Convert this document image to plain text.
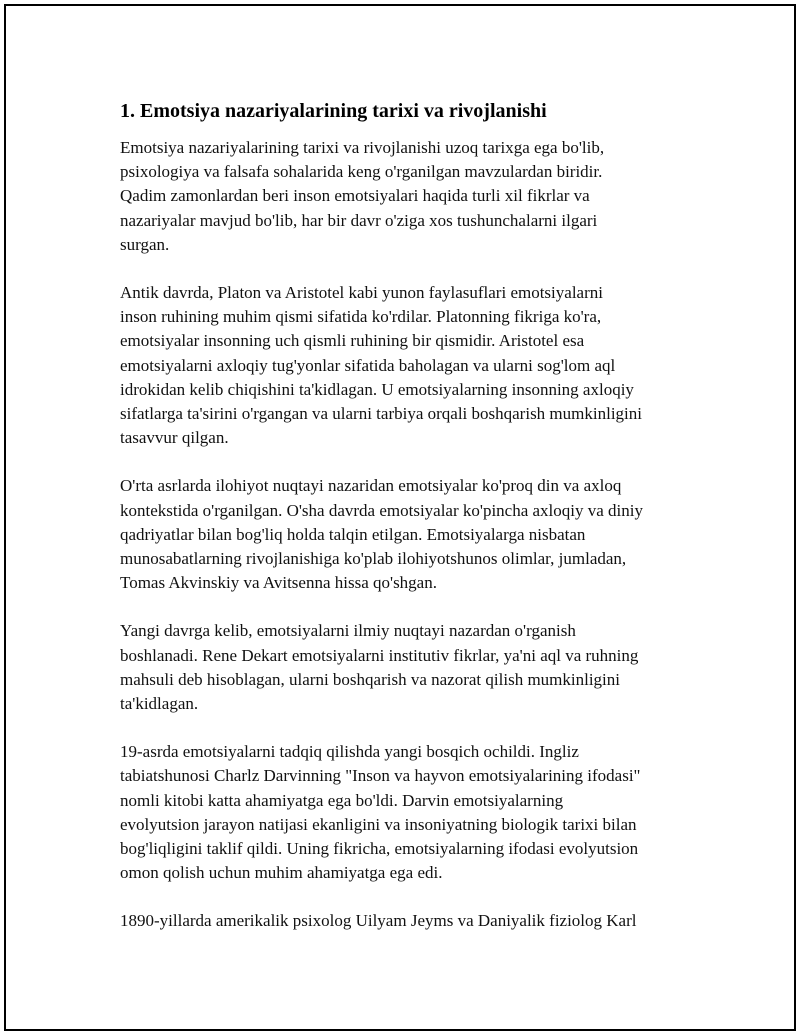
1. Emotsiya nazariyalarining tarixi va rivojlanishi

Emotsiya nazariyalarining tarixi va rivojlanishi uzoq tarixga ega bo'lib,
psixologiya va falsafa sohalarida keng o'rganilgan mavzulardan biridir.
Qadim zamonlardan beri inson emotsiyalari haqida turli xil fikrlar va
nazariyalar mavjud bo'lib, har bir davr o'ziga xos tushunchalarni ilgari
surgan.

Antik davrda, Platon va Aristotel kabi yunon faylasuflari emotsiyalarni
inson ruhining muhim qismi sifatida ko'rdilar. Platonning fikriga ko'ra,
emotsiyalar insonning uch qismli ruhining bir qismidir. Aristotel esa
emotsiyalarni axloqiy tug'yonlar sifatida baholagan va ularni sog'lom aql
idrokidan kelib chiqishini ta'kidlagan. U emotsiyalarning insonning axloqiy
sifatlarga ta'sirini o'rgangan va ularni tarbiya orqali boshqarish mumkinligini
tasavvur qilgan.

O'rta asrlarda ilohiyot nuqtayi nazaridan emotsiyalar ko'proq din va axloq
kontekstida o'rganilgan. O'sha davrda emotsiyalar ko'pincha axloqiy va diniy
qadriyatlar bilan bog'liq holda talqin etilgan. Emotsiyalarga nisbatan
munosabatlarning rivojlanishiga ko'plab ilohiyotshunos olimlar, jumladan,
Tomas Akvinskiy va Avitsenna hissa qo'shgan.

Yangi davrga kelib, emotsiyalarni ilmiy nuqtayi nazardan o'rganish
boshlanadi. Rene Dekart emotsiyalarni institutiv fikrlar, ya'ni aql va ruhning
mahsuli deb hisoblagan, ularni boshqarish va nazorat qilish mumkinligini
ta'kidlagan.

19-asrda emotsiyalarni tadqiq qilishda yangi bosqich ochildi. Ingliz
tabiatshunosi Charlz Darvinning "Inson va hayvon emotsiyalarining ifodasi"
nomli kitobi katta ahamiyatga ega bo'ldi. Darvin emotsiyalarning
evolyutsion jarayon natijasi ekanligini va insoniyatning biologik tarixi bilan
bog'liqligini taklif qildi. Uning fikricha, emotsiyalarning ifodasi evolyutsion
omon qolish uchun muhim ahamiyatga ega edi.

1890-yillarda amerikalik psixolog Uilyam Jeyms va Daniyalik fiziolog Karl
